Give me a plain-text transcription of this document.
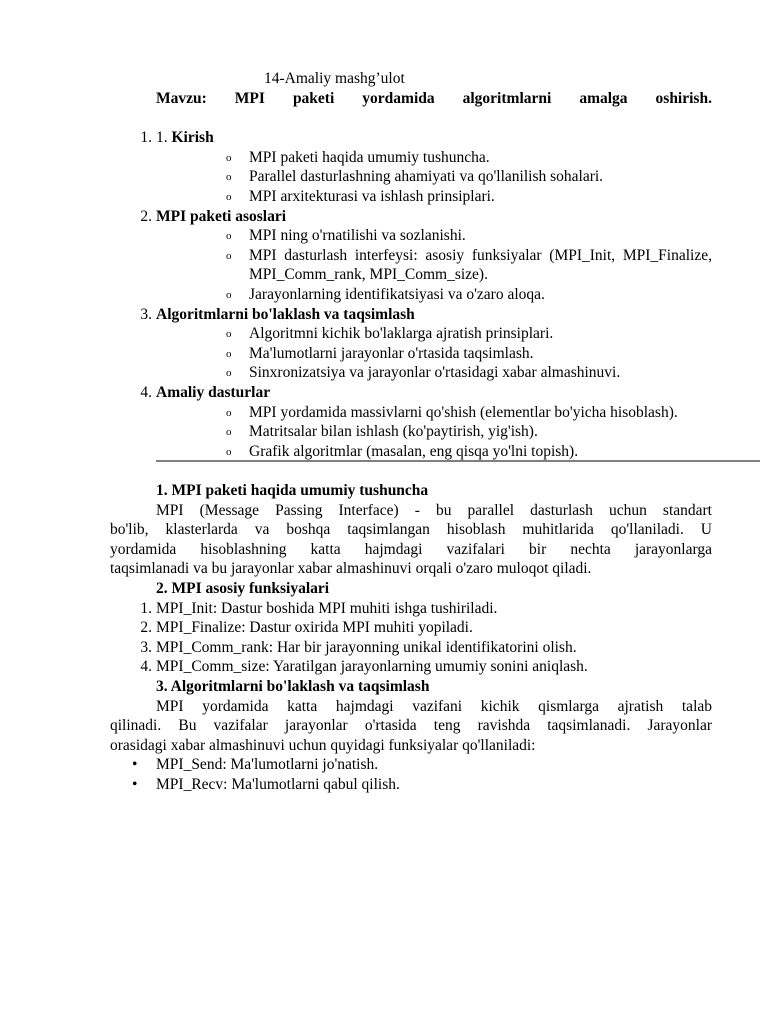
14-Amaliy mashg’ulot
Mavzu: MPI paketi yordamida algoritmlarni amalga oshirish.
1. 1. Kirish
o MPI paketi haqida umumiy tushuncha.
o Parallel dasturlashning ahamiyati va qo'llanilish sohalari.
o MPI arxitekturasi va ishlash prinsiplari.
2. MPI paketi asoslari
o MPI ning o'rnatilishi va sozlanishi.
o MPI dasturlash interfeysi: asosiy funksiyalar (MPI_Init, MPI_Finalize, MPI_Comm_rank, MPI_Comm_size).
o Jarayonlarning identifikatsiyasi va o'zaro aloqa.
3. Algoritmlarni bo'laklash va taqsimlash
o Algoritmni kichik bo'laklarga ajratish prinsiplari.
o Ma'lumotlarni jarayonlar o'rtasida taqsimlash.
o Sinxronizatsiya va jarayonlar o'rtasidagi xabar almashinuvi.
4. Amaliy dasturlar
o MPI yordamida massivlarni qo'shish (elementlar bo'yicha hisoblash).
o Matritsalar bilan ishlash (ko'paytirish, yig'ish).
o Grafik algoritmlar (masalan, eng qisqa yo'lni topish).
1. MPI paketi haqida umumiy tushuncha
MPI (Message Passing Interface) - bu parallel dasturlash uchun standart
bo'lib, klasterlarda va boshqa taqsimlangan hisoblash muhitlarida qo'llaniladi. U
yordamida hisoblashning katta hajmdagi vazifalari bir nechta jarayonlarga
taqsimlanadi va bu jarayonlar xabar almashinuvi orqali o'zaro muloqot qiladi.
2. MPI asosiy funksiyalari
1. MPI_Init: Dastur boshida MPI muhiti ishga tushiriladi.
2. MPI_Finalize: Dastur oxirida MPI muhiti yopiladi.
3. MPI_Comm_rank: Har bir jarayonning unikal identifikatorini olish.
4. MPI_Comm_size: Yaratilgan jarayonlarning umumiy sonini aniqlash.
3. Algoritmlarni bo'laklash va taqsimlash
MPI yordamida katta hajmdagi vazifani kichik qismlarga ajratish talab
qilinadi. Bu vazifalar jarayonlar o'rtasida teng ravishda taqsimlanadi. Jarayonlar
orasidagi xabar almashinuvi uchun quyidagi funksiyalar qo'llaniladi:
• MPI_Send: Ma'lumotlarni jo'natish.
• MPI_Recv: Ma'lumotlarni qabul qilish.
